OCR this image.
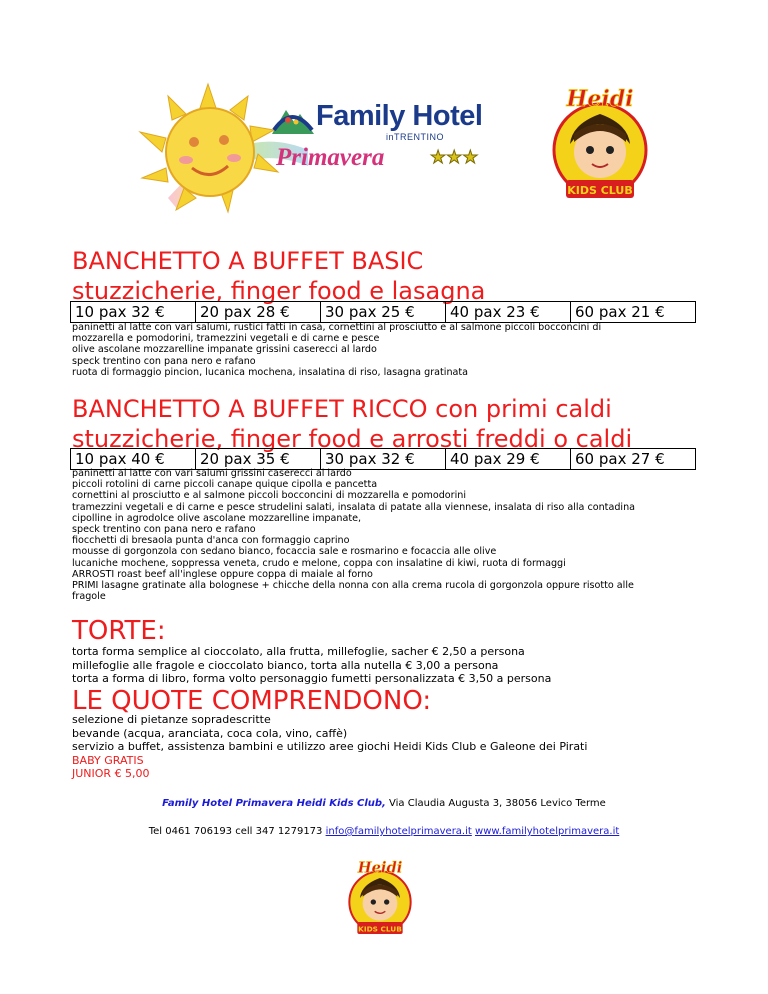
Family Hotel
inTRENTINO
Primavera	★★★
KIDS CLUB
Heidi
BANCHETTO A BUFFET BASIC
stuzzicherie, finger food e lasagna
10 pax 32 €	20 pax 28 €	30 pax 25 €	40 pax 23 €	60 pax 21 €
paninetti al latte con vari salumi, rustici fatti in casa, cornettini al prosciutto e al salmone piccoli bocconcini di
mozzarella e pomodorini, tramezzini vegetali e di carne e pesce
olive ascolane mozzarelline impanate grissini caserecci al lardo
speck trentino con pana nero e rafano
ruota di formaggio pincion, lucanica mochena, insalatina di riso, lasagna gratinata
BANCHETTO A BUFFET RICCO con primi caldi
stuzzicherie, finger food e arrosti freddi o caldi
10 pax 40 €	20 pax 35 €	30 pax 32 €	40 pax 29 €	60 pax 27 €
paninetti al latte con vari salumi grissini caserecci al lardo
piccoli rotolini di carne piccoli canape quique cipolla e pancetta
cornettini al prosciutto e al salmone piccoli bocconcini di mozzarella e pomodorini
tramezzini vegetali e di carne e pesce strudelini salati, insalata di patate alla viennese, insalata di riso alla contadina
cipolline in agrodolce olive ascolane mozzarelline impanate,
speck trentino con pana nero e rafano
fiocchetti di bresaola punta d'anca con formaggio caprino
mousse di gorgonzola con sedano bianco, focaccia sale e rosmarino e focaccia alle olive
lucaniche mochene, soppressa veneta, crudo e melone, coppa con insalatine di kiwi, ruota di formaggi
ARROSTI roast beef all'inglese oppure coppa di maiale al forno
PRIMI lasagne gratinate alla bolognese + chicche della nonna con alla crema rucola di gorgonzola oppure risotto alle
fragole
TORTE:
torta forma semplice al cioccolato, alla frutta, millefoglie, sacher € 2,50 a persona
millefoglie alle fragole e cioccolato bianco, torta alla nutella € 3,00 a persona
torta a forma di libro, forma volto personaggio fumetti personalizzata € 3,50 a persona
LE QUOTE COMPRENDONO:
selezione di pietanze sopradescritte
bevande (acqua, aranciata, coca cola, vino, caffè)
servizio a buffet, assistenza bambini e utilizzo aree giochi Heidi Kids Club e Galeone dei Pirati
BABY GRATIS
JUNIOR € 5,00
Family Hotel Primavera Heidi Kids Club, Via Claudia Augusta 3, 38056 Levico Terme
Tel 0461 706193 cell 347 1279173 info@familyhotelprimavera.it www.familyhotelprimavera.it
KIDS CLUB
Heidi
